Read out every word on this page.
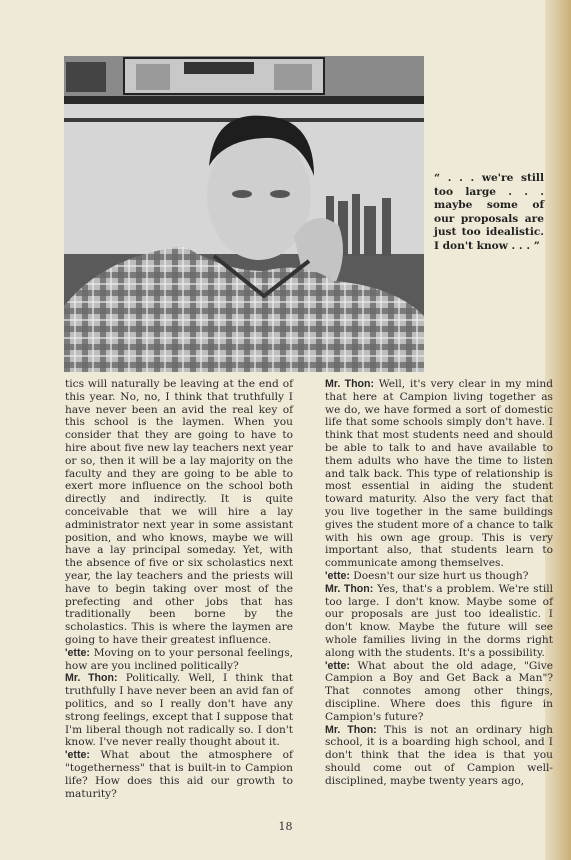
“ . . . we're still too large . . . maybe some of our proposals are just too idealistic. I don't know . . . ”

tics will naturally be leaving at the end of this year. No, no, I think that truthfully I have never been an avid the real key of this school is the laymen. When you consider that they are going to have to hire about five new lay teachers next year or so, then it will be a lay majority on the faculty and they are going to be able to exert more influence on the school both directly and indirectly. It is quite conceivable that we will hire a lay administrator next year in some assistant position, and who knows, maybe we will have a lay principal someday. Yet, with the absence of five or six scholastics next year, the lay teachers and the priests will have to begin taking over most of the prefecting and other jobs that has traditionally been borne by the scholastics. This is where the laymen are going to have their greatest influence.

'ette: Moving on to your personal feelings, how are you inclined politically?

Mr. Thon: Politically. Well, I think that truthfully I have never been an avid fan of politics, and so I really don't have any strong feelings, except that I suppose that I'm liberal though not radically so. I don't know. I've never really thought about it.

'ette: What about the atmosphere of "togetherness" that is built-in to Campion life? How does this aid our growth to maturity?

Mr. Thon: Well, it's very clear in my mind that here at Campion living together as we do, we have formed a sort of domestic life that some schools simply don't have. I think that most students need and should be able to talk to and have available to them adults who have the time to listen and talk back. This type of relationship is most essential in aiding the student toward maturity. Also the very fact that you live together in the same buildings gives the student more of a chance to talk with his own age group. This is very important also, that students learn to communicate among themselves.

'ette: Doesn't our size hurt us though?

Mr. Thon: Yes, that's a problem. We're still too large. I don't know. Maybe some of our proposals are just too idealistic. I don't know. Maybe the future will see whole families living in the dorms right along with the students. It's a possibility.

'ette: What about the old adage, "Give Campion a Boy and Get Back a Man"? That connotes among other things, discipline. Where does this figure in Campion's future?

Mr. Thon: This is not an ordinary high school, it is a boarding high school, and I don't think that the idea is that you should come out of Campion well-disciplined, maybe twenty years ago,

18
